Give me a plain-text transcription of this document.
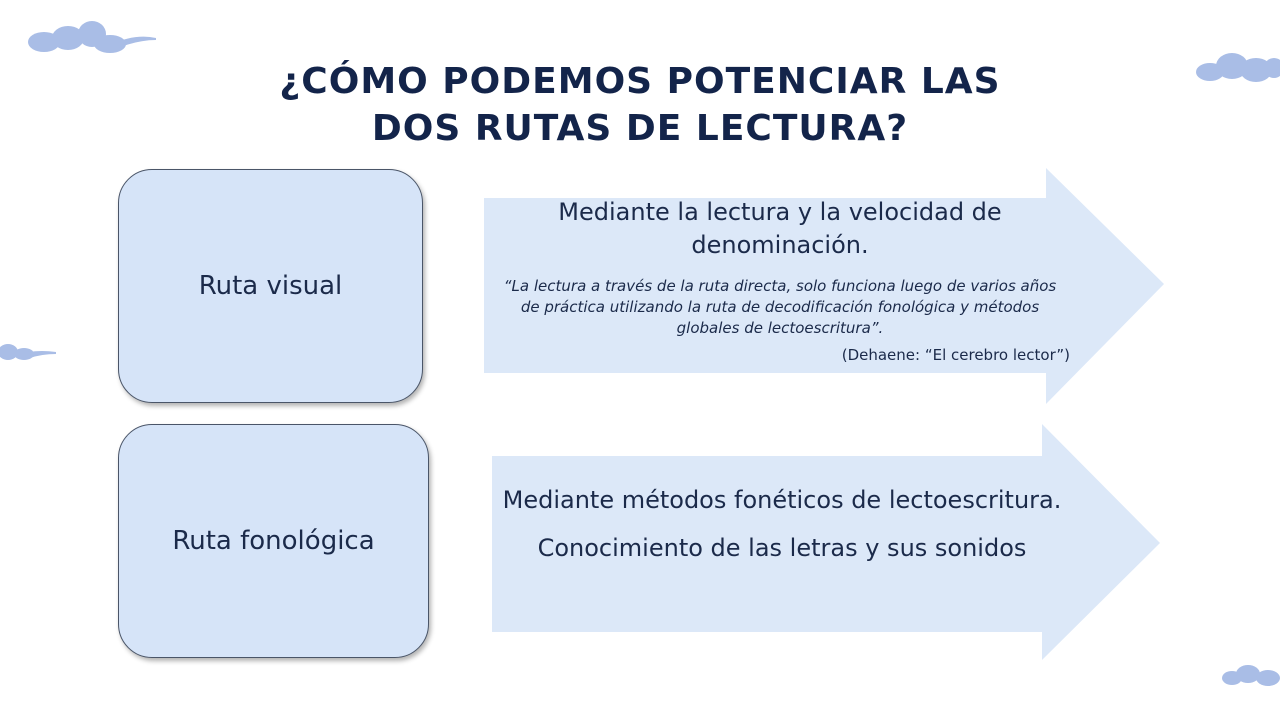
¿CÓMO PODEMOS POTENCIAR LAS
DOS RUTAS DE LECTURA?
Ruta visual
Mediante la lectura y la velocidad de denominación.
“La lectura a través de la ruta directa, solo funciona luego de varios años de práctica utilizando la ruta de decodificación fonológica y métodos globales de lectoescritura”.
(Dehaene: “El cerebro lector”)
Ruta fonológica
Mediante métodos fonéticos de lectoescritura.
Conocimiento de las letras y sus sonidos
